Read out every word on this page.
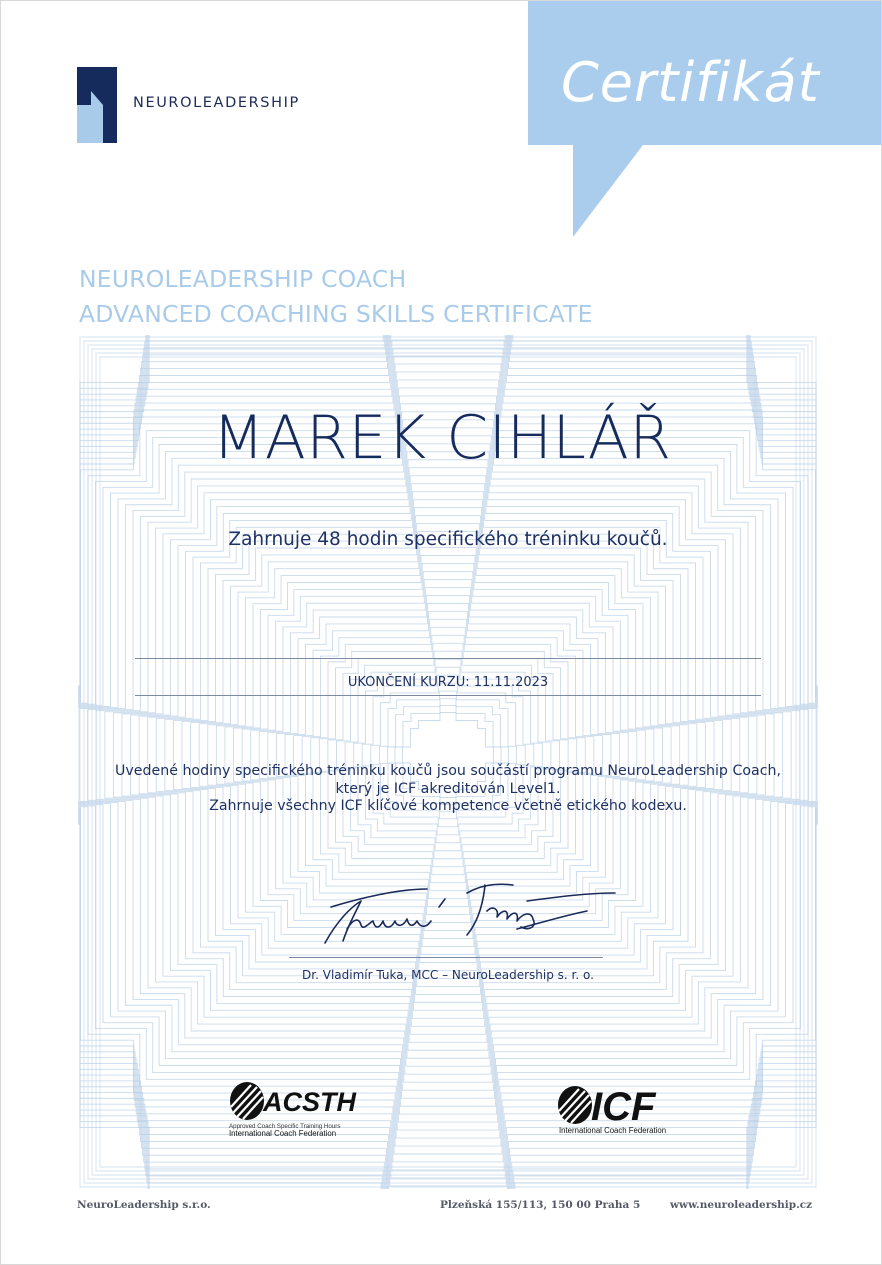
NEUROLEADERSHIP	Certifikát
NEUROLEADERSHIP COACH
ADVANCED COACHING SKILLS CERTIFICATE
MAREK CIHLÁŘ
Zahrnuje 48 hodin specifického tréninku koučů.
UKONČENÍ KURZU: 11.11.2023
Uvedené hodiny specifického tréninku koučů jsou součástí programu NeuroLeadership Coach,
který je ICF akreditován Level1.
Zahrnuje všechny ICF klíčové kompetence včetně etického kodexu.
Dr. Vladimír Tuka, MCC – NeuroLeadership s. r. o.
ACSTH
Approved Coach Specific Training Hours
International Coach Federation
ICF
International Coach Federation
NeuroLeadership s.r.o.	Plzeňská 155/113, 150 00 Praha 5	www.neuroleadership.cz
